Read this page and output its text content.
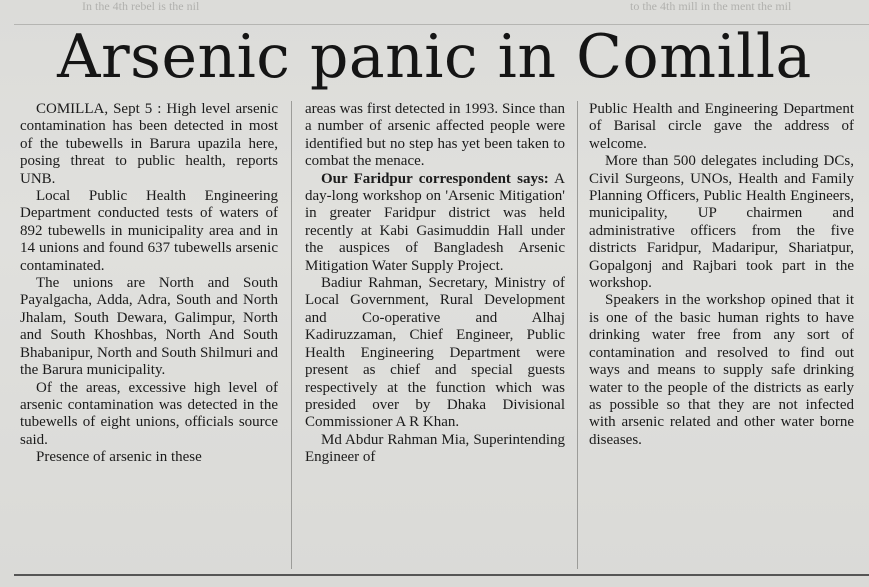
In the 4th rebel is the nil	to the 4th mill in the ment the mil
Arsenic panic in Comilla

COMILLA, Sept 5 : High level arsenic contamination has been detected in most of the tubewells in Barura upazila here, posing threat to public health, reports UNB.

Local Public Health Engineering Department conducted tests of waters of 892 tubewells in municipality area and in 14 unions and found 637 tubewells arsenic contaminated.

The unions are North and South Payalgacha, Adda, Adra, South and North Jhalam, South Dewara, Galimpur, North and South Khoshbas, North And South Bhabanipur, North and South Shilmuri and the Barura municipality.

Of the areas, excessive high level of arsenic contamination was detected in the tubewells of eight unions, officials source said.

Presence of arsenic in these

areas was first detected in 1993. Since than a number of arsenic affected people were identified but no step has yet been taken to combat the menace.

Our Faridpur correspondent says: A day-long workshop on 'Arsenic Mitigation' in greater Faridpur district was held recently at Kabi Gasimuddin Hall under the auspices of Bangladesh Arsenic Mitigation Water Supply Project.

Badiur Rahman, Secretary, Ministry of Local Government, Rural Development and Co-operative and Alhaj Kadiruzzaman, Chief Engineer, Public Health Engineering Department were present as chief and special guests respectively at the function which was presided over by Dhaka Divisional Commissioner A R Khan.

Md Abdur Rahman Mia, Superintending Engineer of

Public Health and Engineering Department of Barisal circle gave the address of welcome.

More than 500 delegates including DCs, Civil Surgeons, UNOs, Health and Family Planning Officers, Public Health Engineers, municipality, UP chairmen and administrative officers from the five districts Faridpur, Madaripur, Shariatpur, Gopalgonj and Rajbari took part in the workshop.

Speakers in the workshop opined that it is one of the basic human rights to have drinking water free from any sort of contamination and resolved to find out ways and means to supply safe drinking water to the people of the districts as early as possible so that they are not infected with arsenic related and other water borne diseases.
